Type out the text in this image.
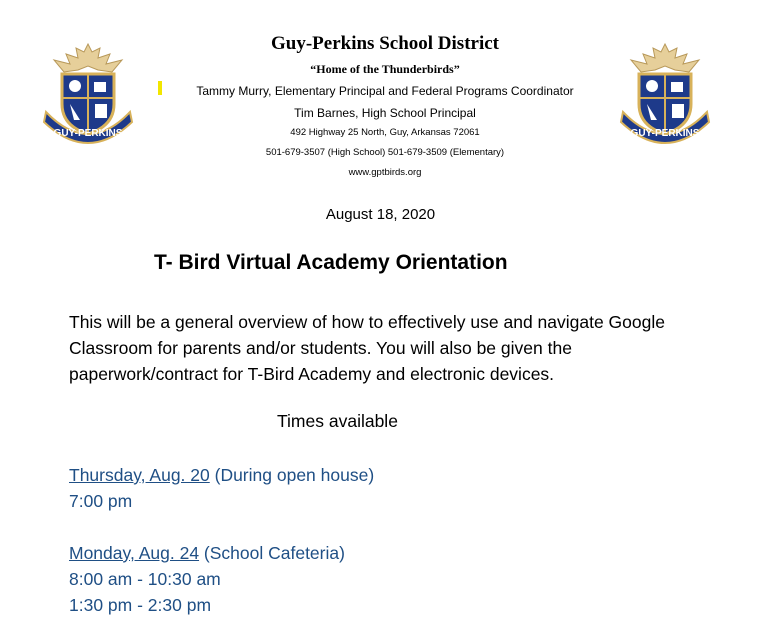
GUY-PERKINS	GUY-PERKINS
Guy-Perkins School District
“Home of the Thunderbirds”
Tammy Murry, Elementary Principal and Federal Programs Coordinator
Tim Barnes, High School Principal
492 Highway 25 North, Guy, Arkansas 72061
501-679-3507 (High School) 501-679-3509 (Elementary)
www.gptbirds.org
August 18, 2020
T- Bird Virtual Academy Orientation

This will be a general overview of how to effectively use and navigate Google Classroom for parents and/or students. You will also be given the paperwork/contract for T-Bird Academy and electronic devices.

Times available
Thursday, Aug. 20 (During open house)
7:00 pm
Monday, Aug. 24 (School Cafeteria)
8:00 am - 10:30 am
1:30 pm - 2:30 pm
